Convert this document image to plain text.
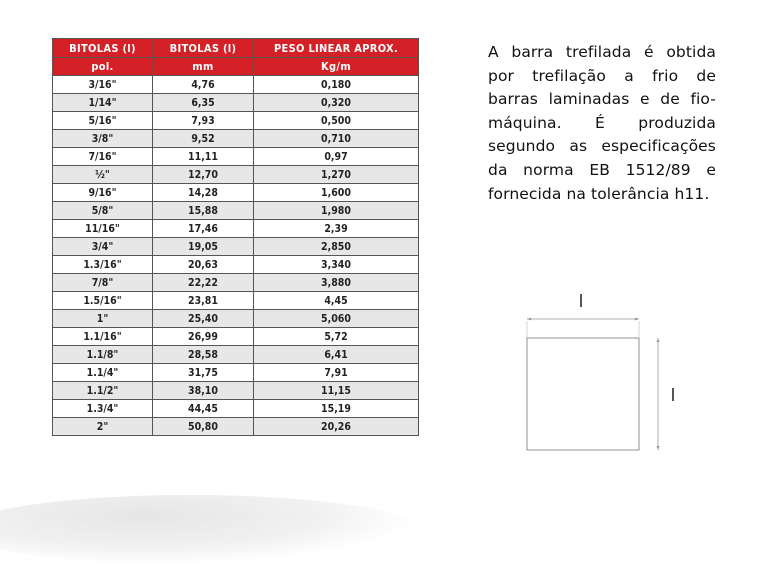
BITOLAS (l)	BITOLAS (l)	PESO LINEAR APROX.
pol.	mm	Kg/m
3/16"	4,76	0,180
1/14"	6,35	0,320
5/16"	7,93	0,500
3/8"	9,52	0,710
7/16"	11,11	0,97
½"	12,70	1,270
9/16"	14,28	1,600
5/8"	15,88	1,980
11/16"	17,46	2,39
3/4"	19,05	2,850
1.3/16"	20,63	3,340
7/8"	22,22	3,880
1.5/16"	23,81	4,45
1"	25,40	5,060
1.1/16"	26,99	5,72
1.1/8"	28,58	6,41
1.1/4"	31,75	7,91
1.1/2"	38,10	11,15
1.3/4"	44,45	15,19
2"	50,80	20,26
A barra trefilada é obtida por trefilação a frio de barras laminadas e de fio-máquina. É produzida segundo as especificações da norma EB 1512/89 e fornecida na tolerância h11.
l
l
